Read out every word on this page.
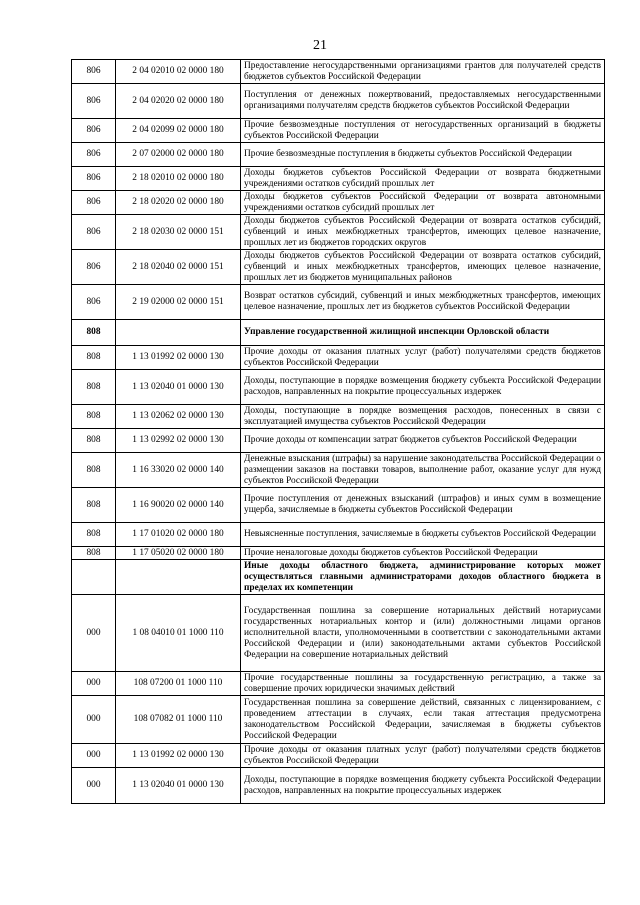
21
806	2 04 02010 02 0000 180	Предоставление негосударственными организациями грантов для получателей средств бюджетов субъектов Российской Федерации
806	2 04 02020 02 0000 180	Поступления от денежных пожертвований, предоставляемых негосударственными организациями получателям средств бюджетов субъектов Российской Федерации
806	2 04 02099 02 0000 180	Прочие безвозмездные поступления от негосударственных организаций в бюджеты субъектов Российской Федерации
806	2 07 02000 02 0000 180	Прочие безвозмездные поступления в бюджеты субъектов Российской Федерации
806	2 18 02010 02 0000 180	Доходы бюджетов субъектов Российской Федерации от возврата бюджетными учреждениями остатков субсидий прошлых лет
806	2 18 02020 02 0000 180	Доходы бюджетов субъектов Российской Федерации от возврата автономными учреждениями остатков субсидий прошлых лет
806	2 18 02030 02 0000 151	Доходы бюджетов субъектов Российской Федерации от возврата остатков субсидий, субвенций и иных межбюджетных трансфертов, имеющих целевое назначение, прошлых лет из бюджетов городских округов
806	2 18 02040 02 0000 151	Доходы бюджетов субъектов Российской Федерации от возврата остатков субсидий, субвенций и иных межбюджетных трансфертов, имеющих целевое назначение, прошлых лет из бюджетов муниципальных районов
806	2 19 02000 02 0000 151	Возврат остатков субсидий, субвенций и иных межбюджетных трансфертов, имеющих целевое назначение, прошлых лет из бюджетов субъектов Российской Федерации
808		Управление государственной жилищной инспекции Орловской области
808	1 13 01992 02 0000 130	Прочие доходы от оказания платных услуг (работ) получателями средств бюджетов субъектов Российской Федерации
808	1 13 02040 01 0000 130	Доходы, поступающие в порядке возмещения бюджету субъекта Российской Федерации расходов, направленных на покрытие процессуальных издержек
808	1 13 02062 02 0000 130	Доходы, поступающие в порядке возмещения расходов, понесенных в связи с эксплуатацией имущества субъектов Российской Федерации
808	1 13 02992 02 0000 130	Прочие доходы от компенсации затрат бюджетов субъектов Российской Федерации
808	1 16 33020 02 0000 140	Денежные взыскания (штрафы) за нарушение законодательства Российской Федерации о размещении заказов на поставки товаров, выполнение работ, оказание услуг для нужд субъектов Российской Федерации
808	1 16 90020 02 0000 140	Прочие поступления от денежных взысканий (штрафов) и иных сумм в возмещение ущерба, зачисляемые в бюджеты субъектов Российской Федерации
808	1 17 01020 02 0000 180	Невыясненные поступления, зачисляемые в бюджеты субъектов Российской Федерации
808	1 17 05020 02 0000 180	Прочие неналоговые доходы бюджетов субъектов Российской Федерации
		Иные доходы областного бюджета, администрирование которых может осуществляться главными администраторами доходов областного бюджета в пределах их компетенции
000	1 08 04010 01 1000 110	Государственная пошлина за совершение нотариальных действий нотариусами государственных нотариальных контор и (или) должностными лицами органов исполнительной власти, уполномоченными в соответствии с законодательными актами Российской Федерации и (или) законодательными актами субъектов Российской Федерации на совершение нотариальных действий
000	108 07200 01 1000 110	Прочие государственные пошлины за государственную регистрацию, а также за совершение прочих юридически значимых действий
000	108 07082 01 1000 110	Государственная пошлина за совершение действий, связанных с лицензированием, с проведением аттестации в случаях, если такая аттестация предусмотрена законодательством Российской Федерации, зачисляемая в бюджеты субъектов Российской Федерации
000	1 13 01992 02 0000 130	Прочие доходы от оказания платных услуг (работ) получателями средств бюджетов субъектов Российской Федерации
000	1 13 02040 01 0000 130	Доходы, поступающие в порядке возмещения бюджету субъекта Российской Федерации расходов, направленных на покрытие процессуальных издержек
